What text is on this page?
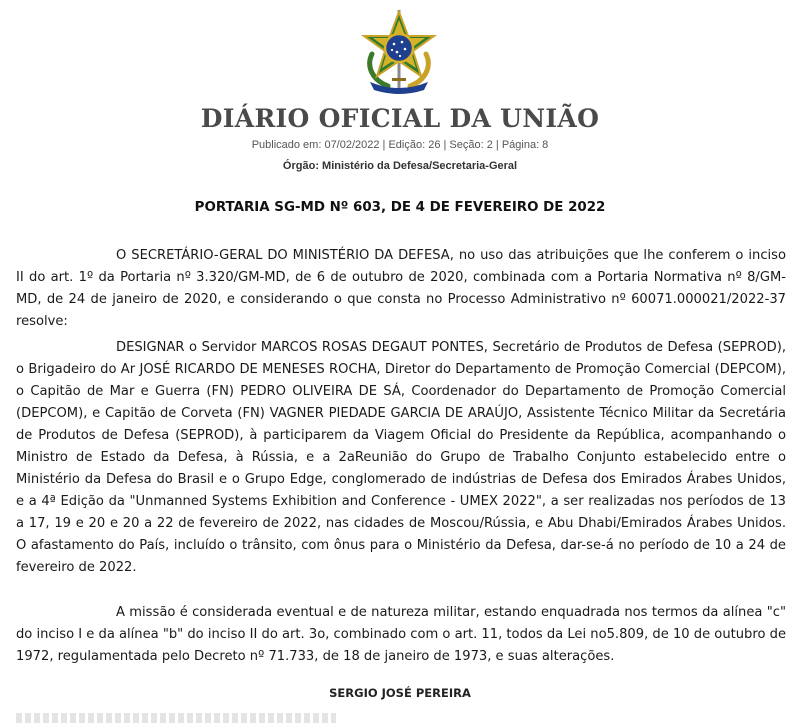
DIÁRIO OFICIAL DA UNIÃO

Publicado em: 07/02/2022 | Edição: 26 | Seção: 2 | Página: 8

Órgão: Ministério da Defesa/Secretaria-Geral

PORTARIA SG-MD Nº 603, DE 4 DE FEVEREIRO DE 2022

O SECRETÁRIO-GERAL DO MINISTÉRIO DA DEFESA, no uso das atribuições que lhe conferem o inciso II do art. 1º da Portaria nº 3.320/GM-MD, de 6 de outubro de 2020, combinada com a Portaria Normativa nº 8/GM-MD, de 24 de janeiro de 2020, e considerando o que consta no Processo Administrativo nº 60071.000021/2022-37 resolve:

DESIGNAR o Servidor MARCOS ROSAS DEGAUT PONTES, Secretário de Produtos de Defesa (SEPROD), o Brigadeiro do Ar JOSÉ RICARDO DE MENESES ROCHA, Diretor do Departamento de Promoção Comercial (DEPCOM), o Capitão de Mar e Guerra (FN) PEDRO OLIVEIRA DE SÁ, Coordenador do Departamento de Promoção Comercial (DEPCOM), e Capitão de Corveta (FN) VAGNER PIEDADE GARCIA DE ARAÚJO, Assistente Técnico Militar da Secretária de Produtos de Defesa (SEPROD), à participarem da Viagem Oficial do Presidente da República, acompanhando o Ministro de Estado da Defesa, à Rússia, e a 2aReunião do Grupo de Trabalho Conjunto estabelecido entre o Ministério da Defesa do Brasil e o Grupo Edge, conglomerado de indústrias de Defesa dos Emirados Árabes Unidos, e a 4ª Edição da "Unmanned Systems Exhibition and Conference - UMEX 2022", a ser realizadas nos períodos de 13 a 17, 19 e 20 e 20 a 22 de fevereiro de 2022, nas cidades de Moscou/Rússia, e Abu Dhabi/Emirados Árabes Unidos. O afastamento do País, incluído o trânsito, com ônus para o Ministério da Defesa, dar-se-á no período de 10 a 24 de fevereiro de 2022.

A missão é considerada eventual e de natureza militar, estando enquadrada nos termos da alínea "c" do inciso I e da alínea "b" do inciso II do art. 3o, combinado com o art. 11, todos da Lei no5.809, de 10 de outubro de 1972, regulamentada pelo Decreto nº 71.733, de 18 de janeiro de 1973, e suas alterações.

SERGIO JOSÉ PEREIRA
